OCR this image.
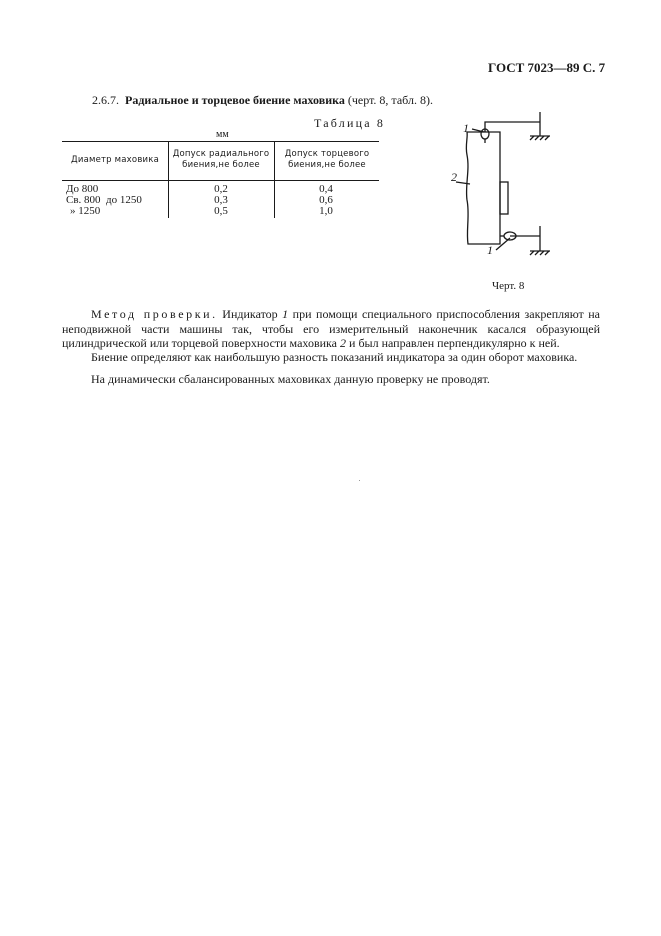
ГОСТ 7023—89 С. 7
2.6.7. Радиальное и торцевое биение маховика (черт. 8, табл. 8).
Таблица 8
мм
Диаметр маховика
Допуск радиального биения,не более
Допуск торцевого биения,не более
До 800	0,2	0,4
Св. 800  до 1250	0,3	0,6
» 1250	0,5	1,0
1
2
1
Черт. 8
Метод проверки. Индикатор 1 при помощи специального приспособления закрепляют на неподвижной части машины так, чтобы его измерительный наконечник касался образующей цилиндрической или торцевой поверхности маховика 2 и был направлен перпендикулярно к ней.
Биение определяют как наибольшую разность показаний индикатора за один оборот маховика.
На динамически сбалансированных маховиках данную проверку не проводят.
